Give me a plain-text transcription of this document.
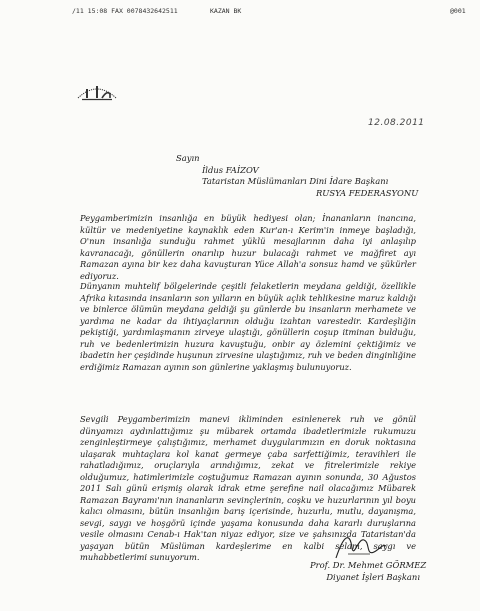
/11 15:08 FAX 0078432642511	KAZAN BK	@001
12.08.2011
Sayın
İldus FAİZOV
Tataristan Müslümanları Dini İdare Başkanı
RUSYA FEDERASYONU

Peygamberimizin insanlığa en büyük hediyesi olan; İnananların inancına, kültür ve medeniyetine kaynaklık eden Kur'an-ı Kerim'in inmeye başladığı, O'nun insanlığa sunduğu rahmet yüklü mesajlarının daha iyi anlaşılıp kavranacağı, gönüllerin onarılıp huzur bulacağı rahmet ve mağfiret ayı Ramazan ayına bir kez daha kavuşturan Yüce Allah'a sonsuz hamd ve şükürler ediyoruz.

Dünyanın muhtelif bölgelerinde çeşitli felaketlerin meydana geldiği, özellikle Afrika kıtasında insanların son yılların en büyük açlık tehlikesine maruz kaldığı ve binlerce ölümün meydana geldiği şu günlerde bu insanların merhamete ve yardıma ne kadar da ihtiyaçlarının olduğu izahtan varestedir. Kardeşliğin pekiştiği, yardımlaşmanın zirveye ulaştığı, gönüllerin coşup itminan bulduğu, ruh ve bedenlerimizin huzura kavuştuğu, onbir ay özlemini çektiğimiz ve ibadetin her çeşidinde huşunun zirvesine ulaştığımız, ruh ve beden dinginliğine erdiğimiz Ramazan ayının son günlerine yaklaşmış bulunuyoruz.

Sevgili Peygamberimizin manevi ikliminden esinlenerek ruh ve gönül dünyamızı aydınlattığımız şu mübarek ortamda ibadetlerimizle rukumuzu zenginleştirmeye çalıştığımız, merhamet duygularımızın en doruk noktasına ulaşarak muhtaçlara kol kanat germeye çaba sarfettiğimiz, teravihleri ile rahatladığımız, oruçlarıyla arındığımız, zekat ve fitrelerimizle rekiye olduğumuz, hatimlerimizle coştuğumuz Ramazan ayının sonunda, 30 Ağustos 2011 Salı günü erişmiş olarak idrak etme şerefine nail olacağımız Mübarek Ramazan Bayramı'nın inananların sevinçlerinin, coşku ve huzurlarının yıl boyu kalıcı olmasını, bütün insanlığın barış içerisinde, huzurlu, mutlu, dayanışma, sevgi, saygı ve hoşgörü içinde yaşama konusunda daha kararlı duruşlarına vesile olmasını Cenab-ı Hak'tan niyaz ediyor, size ve şahsınızda Tataristan'da yaşayan bütün Müslüman kardeşlerime en kalbi selam, saygı ve muhabbetlerimi sunuyorum.

Prof. Dr. Mehmet GÖRMEZ
Diyanet İşleri Başkanı
